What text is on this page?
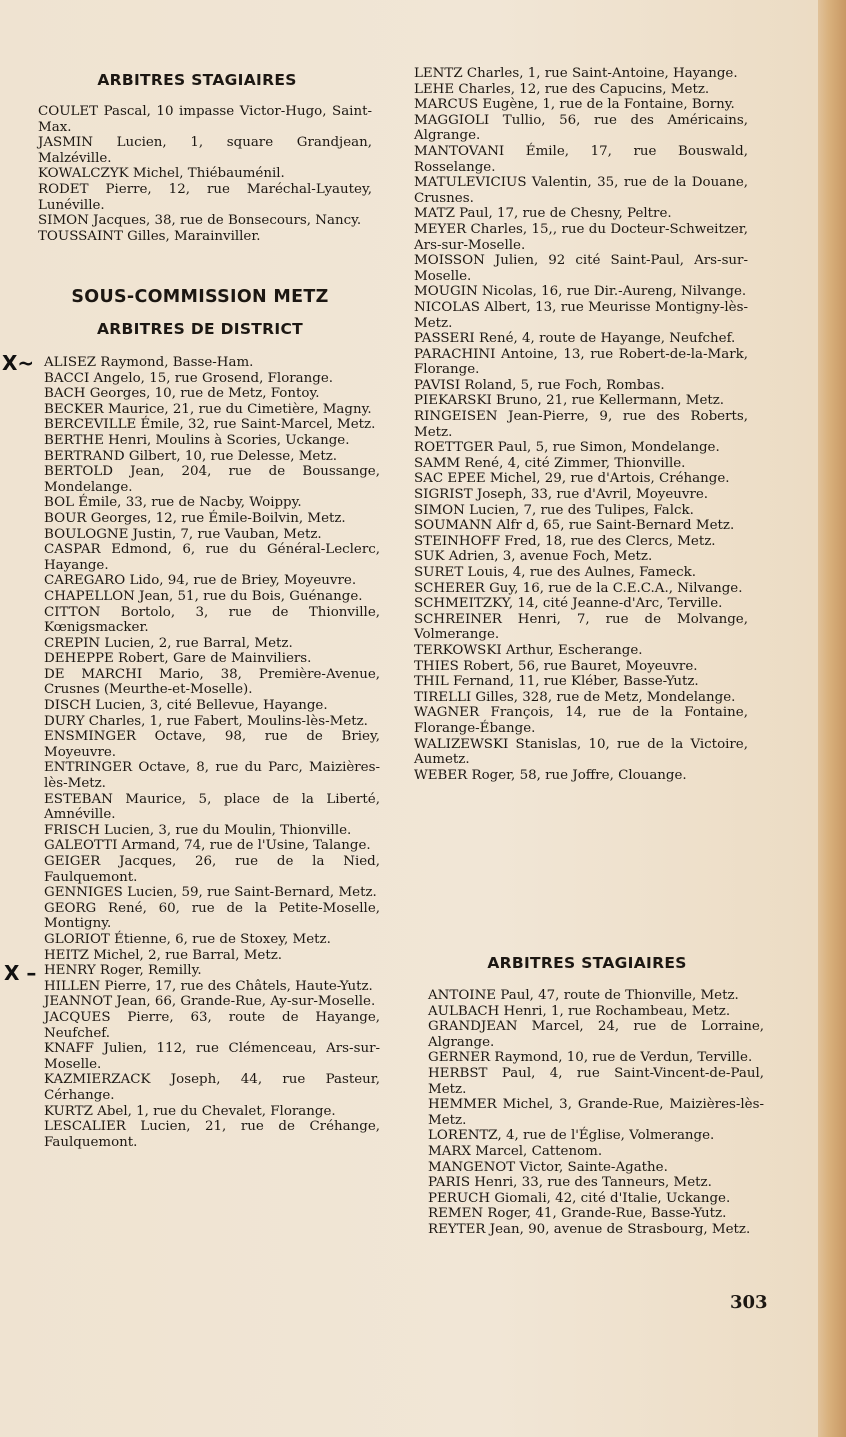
ARBITRES STAGIAIRES
COULET Pascal, 10 impasse Victor-Hugo, Saint-Max.
JASMIN Lucien, 1, square Grandjean, Malzéville.
KOWALCZYK Michel, Thiébauménil.
RODET Pierre, 12, rue Maréchal-Lyautey, Lunéville.
SIMON Jacques, 38, rue de Bonsecours, Nancy.
TOUSSAINT Gilles, Marainviller.
SOUS-COMMISSION METZ
ARBITRES DE DISTRICT
ALISEZ Raymond, Basse-Ham.
BACCI Angelo, 15, rue Grosend, Florange.
BACH Georges, 10, rue de Metz, Fontoy.
BECKER Maurice, 21, rue du Cimetière, Magny.
BERCEVILLE Émile, 32, rue Saint-Marcel, Metz.
BERTHE Henri, Moulins à Scories, Uckange.
BERTRAND Gilbert, 10, rue Delesse, Metz.
BERTOLD Jean, 204, rue de Boussange, Mondelange.
BOL Émile, 33, rue de Nacby, Woippy.
BOUR Georges, 12, rue Émile-Boilvin, Metz.
BOULOGNE Justin, 7, rue Vauban, Metz.
CASPAR Edmond, 6, rue du Général-Leclerc, Hayange.
CAREGARO Lido, 94, rue de Briey, Moyeuvre.
CHAPELLON Jean, 51, rue du Bois, Guénange.
CITTON Bortolo, 3, rue de Thionville, Kœnigsmacker.
CREPIN Lucien, 2, rue Barral, Metz.
DEHEPPE Robert, Gare de Mainviliers.
DE MARCHI Mario, 38, Première-Avenue, Crusnes (Meurthe-et-Moselle).
DISCH Lucien, 3, cité Bellevue, Hayange.
DURY Charles, 1, rue Fabert, Moulins-lès-Metz.
ENSMINGER Octave, 98, rue de Briey, Moyeuvre.
ENTRINGER Octave, 8, rue du Parc, Maizières-lès-Metz.
ESTEBAN Maurice, 5, place de la Liberté, Amnéville.
FRISCH Lucien, 3, rue du Moulin, Thionville.
GALEOTTI Armand, 74, rue de l'Usine, Talange.
GEIGER Jacques, 26, rue de la Nied, Faulquemont.
GENNIGES Lucien, 59, rue Saint-Bernard, Metz.
GEORG René, 60, rue de la Petite-Moselle, Montigny.
GLORIOT Étienne, 6, rue de Stoxey, Metz.
HEITZ Michel, 2, rue Barral, Metz.
HENRY Roger, Remilly.
HILLEN Pierre, 17, rue des Châtels, Haute-Yutz.
JEANNOT Jean, 66, Grande-Rue, Ay-sur-Moselle.
JACQUES Pierre, 63, route de Hayange, Neufchef.
KNAFF Julien, 112, rue Clémenceau, Ars-sur-Moselle.
KAZMIERZACK Joseph, 44, rue Pasteur, Cérhange.
KURTZ Abel, 1, rue du Chevalet, Florange.
LESCALIER Lucien, 21, rue de Créhange, Faulquemont.
X~
X –
LENTZ Charles, 1, rue Saint-Antoine, Hayange.
LEHE Charles, 12, rue des Capucins, Metz.
MARCUS Eugène, 1, rue de la Fontaine, Borny.
MAGGIOLI Tullio, 56, rue des Américains, Algrange.
MANTOVANI Émile, 17, rue Bouswald, Rosselange.
MATULEVICIUS Valentin, 35, rue de la Douane, Crusnes.
MATZ Paul, 17, rue de Chesny, Peltre.
MEYER Charles, 15,, rue du Docteur-Schweitzer, Ars-sur-Moselle.
MOISSON Julien, 92 cité Saint-Paul, Ars-sur-Moselle.
MOUGIN Nicolas, 16, rue Dir.-Aureng, Nilvange.
NICOLAS Albert, 13, rue Meurisse Montigny-lès-Metz.
PASSERI René, 4, route de Hayange, Neufchef.
PARACHINI Antoine, 13, rue Robert-de-la-Mark, Florange.
PAVISI Roland, 5, rue Foch, Rombas.
PIEKARSKI Bruno, 21, rue Kellermann, Metz.
RINGEISEN Jean-Pierre, 9, rue des Roberts, Metz.
ROETTGER Paul, 5, rue Simon, Mondelange.
SAMM René, 4, cité Zimmer, Thionville.
SAC EPEE Michel, 29, rue d'Artois, Créhange.
SIGRIST Joseph, 33, rue d'Avril, Moyeuvre.
SIMON Lucien, 7, rue des Tulipes, Falck.
SOUMANN Alfr d, 65, rue Saint-Bernard Metz.
STEINHOFF Fred, 18, rue des Clercs, Metz.
SUK Adrien, 3, avenue Foch, Metz.
SURET Louis, 4, rue des Aulnes, Fameck.
SCHERER Guy, 16, rue de la C.E.C.A., Nilvange.
SCHMEITZKY, 14, cité Jeanne-d'Arc, Terville.
SCHREINER Henri, 7, rue de Molvange, Volmerange.
TERKOWSKI Arthur, Escherange.
THIES Robert, 56, rue Bauret, Moyeuvre.
THIL Fernand, 11, rue Kléber, Basse-Yutz.
TIRELLI Gilles, 328, rue de Metz, Mondelange.
WAGNER François, 14, rue de la Fontaine, Florange-Ébange.
WALIZEWSKI Stanislas, 10, rue de la Victoire, Aumetz.
WEBER Roger, 58, rue Joffre, Clouange.
ARBITRES STAGIAIRES
ANTOINE Paul, 47, route de Thionville, Metz.
AULBACH Henri, 1, rue Rochambeau, Metz.
GRANDJEAN Marcel, 24, rue de Lorraine, Algrange.
GERNER Raymond, 10, rue de Verdun, Terville.
HERBST Paul, 4, rue Saint-Vincent-de-Paul, Metz.
HEMMER Michel, 3, Grande-Rue, Maizières-lès-Metz.
LORENTZ, 4, rue de l'Église, Volmerange.
MARX Marcel, Cattenom.
MANGENOT Victor, Sainte-Agathe.
PARIS Henri, 33, rue des Tanneurs, Metz.
PERUCH Giomali, 42, cité d'Italie, Uckange.
REMEN Roger, 41, Grande-Rue, Basse-Yutz.
REYTER Jean, 90, avenue de Strasbourg, Metz.
303
